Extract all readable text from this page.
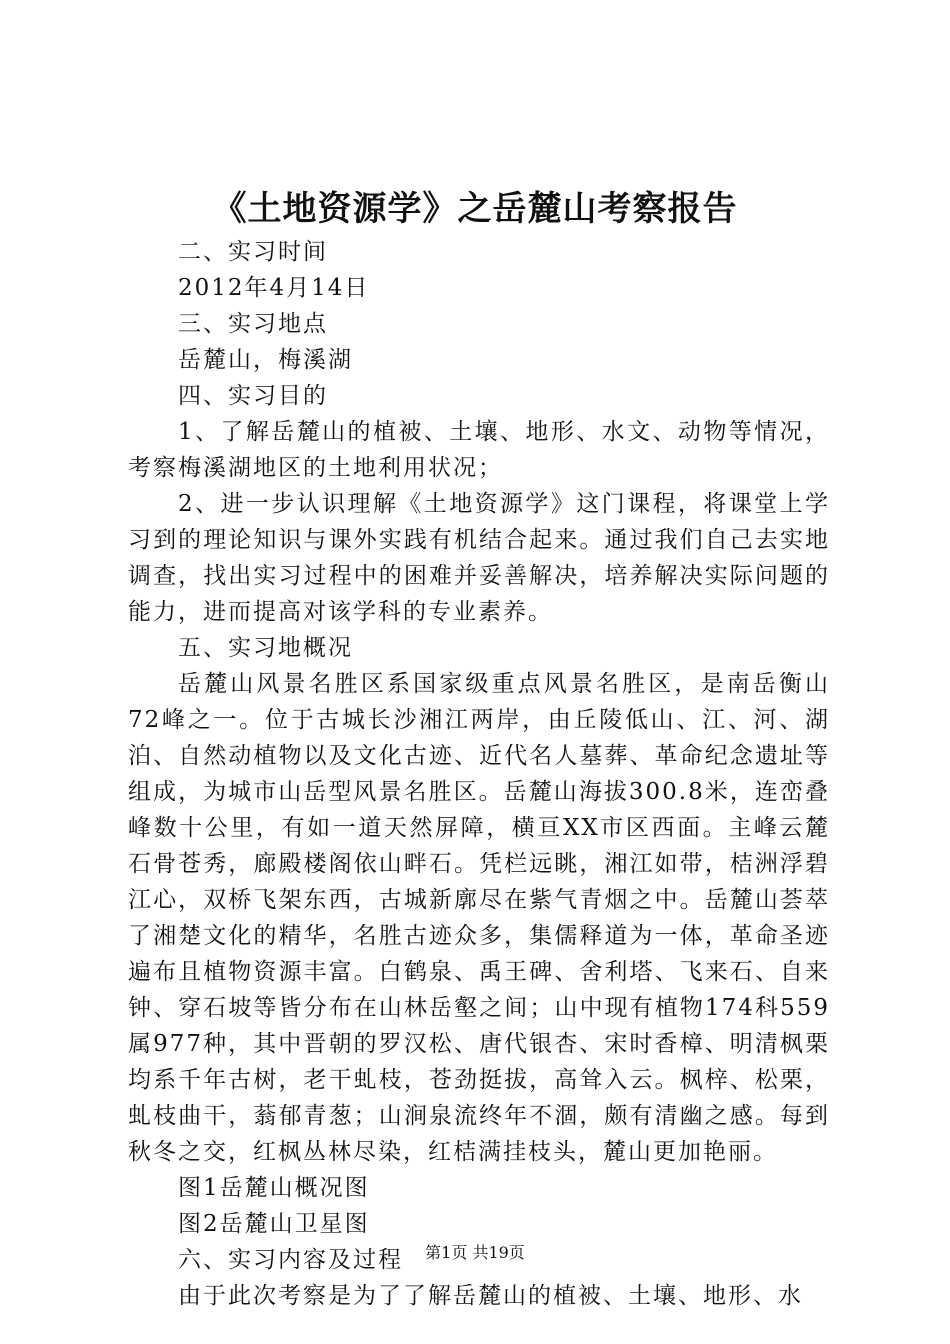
《土地资源学》之岳麓山考察报告

二、实习时间

2012年4月14日

三、实习地点

岳麓山，梅溪湖

四、实习目的

1、了解岳麓山的植被、土壤、地形、水文、动物等情况，考察梅溪湖地区的土地利用状况；

2、进一步认识理解《土地资源学》这门课程，将课堂上学习到的理论知识与课外实践有机结合起来。通过我们自己去实地调查，找出实习过程中的困难并妥善解决，培养解决实际问题的能力，进而提高对该学科的专业素养。

五、实习地概况

岳麓山风景名胜区系国家级重点风景名胜区，是南岳衡山72峰之一。位于古城长沙湘江两岸，由丘陵低山、江、河、湖泊、自然动植物以及文化古迹、近代名人墓葬、革命纪念遗址等组成，为城市山岳型风景名胜区。岳麓山海拔300.8米，连峦叠峰数十公里，有如一道天然屏障，横亘XX市区西面。主峰云麓石骨苍秀，廊殿楼阁依山畔石。凭栏远眺，湘江如带，桔洲浮碧江心，双桥飞架东西，古城新廓尽在紫气青烟之中。岳麓山荟萃了湘楚文化的精华，名胜古迹众多，集儒释道为一体，革命圣迹遍布且植物资源丰富。白鹤泉、禹王碑、舍利塔、飞来石、自来钟、穿石坡等皆分布在山林岳壑之间；山中现有植物174科559属977种，其中晋朝的罗汉松、唐代银杏、宋时香樟、明清枫栗均系千年古树，老干虬枝，苍劲挺拔，高耸入云。枫梓、松栗，虬枝曲干，蓊郁青葱；山涧泉流终年不涸，颇有清幽之感。每到秋冬之交，红枫丛林尽染，红桔满挂枝头，麓山更加艳丽。

图1岳麓山概况图

图2岳麓山卫星图

六、实习内容及过程

由于此次考察是为了了解岳麓山的植被、土壤、地形、水

第1页 共19页
